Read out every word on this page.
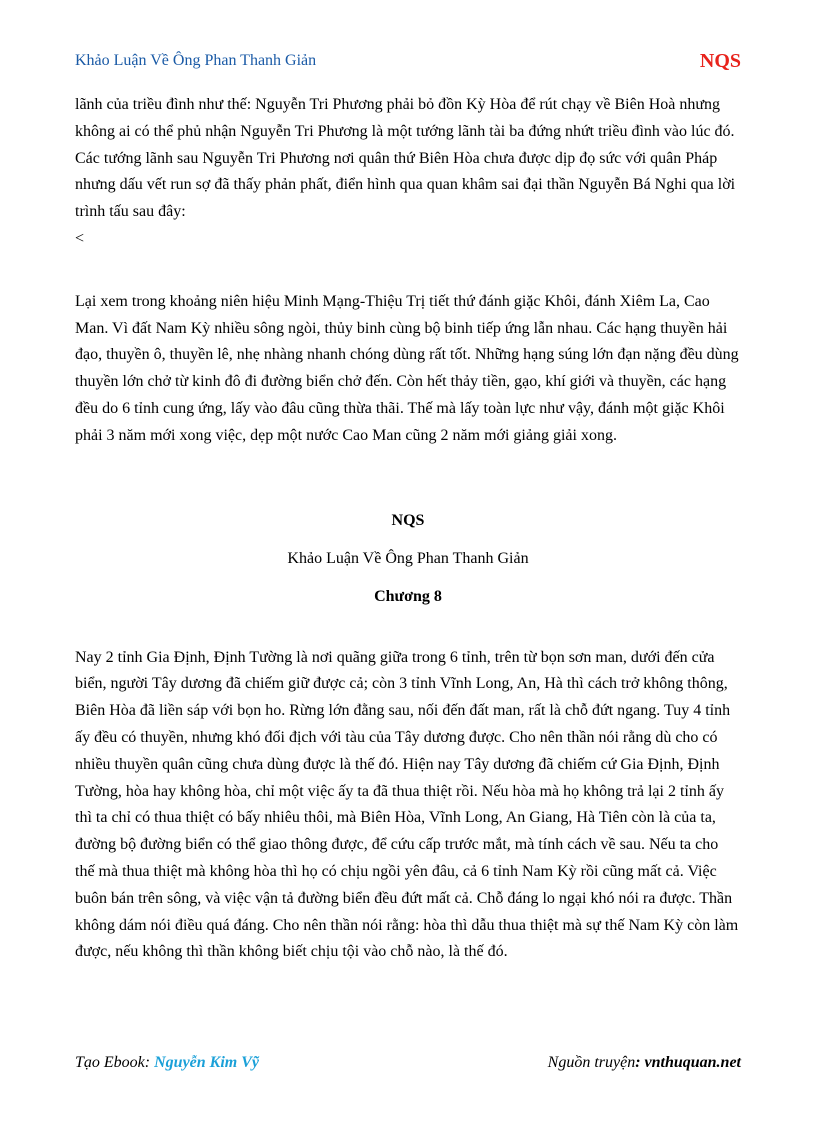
Khảo Luận Về Ông Phan Thanh Giản	NQS

lãnh của triều đình như thế: Nguyễn Tri Phương phải bỏ đồn Kỳ Hòa để rút chạy về Biên Hoà nhưng không ai có thể phủ nhận Nguyễn Tri Phương là một tướng lãnh tài ba đứng nhứt triều đình vào lúc đó. Các tướng lãnh sau Nguyễn Tri Phương nơi quân thứ Biên Hòa chưa được dịp đọ sức với quân Pháp nhưng dấu vết run sợ đã thấy phản phất, điển hình qua quan khâm sai đại thần Nguyễn Bá Nghi qua lời trình tấu sau đây:

<

Lại xem trong khoảng niên hiệu Minh Mạng-Thiệu Trị tiết thứ đánh giặc Khôi, đánh Xiêm La, Cao Man. Vì đất Nam Kỳ nhiều sông ngòi, thủy binh cùng bộ binh tiếp ứng lẫn nhau. Các hạng thuyền hải đạo, thuyền ô, thuyền lê, nhẹ nhàng nhanh chóng dùng rất tốt. Những hạng súng lớn đạn nặng đều dùng thuyền lớn chở từ kinh đô đi đường biển chở đến. Còn hết thảy tiền, gạo, khí giới và thuyền, các hạng đều do 6 tỉnh cung ứng, lấy vào đâu cũng thừa thãi. Thế mà lấy toàn lực như vậy, đánh một giặc Khôi phải 3 năm mới xong việc, dẹp một nước Cao Man cũng 2 năm mới giảng giải xong.

NQS

Khảo Luận Về Ông Phan Thanh Giản

Chương 8

Nay 2 tỉnh Gia Định, Định Tường là nơi quãng giữa trong 6 tỉnh, trên từ bọn sơn man, dưới đến cửa biển, người Tây dương đã chiếm giữ được cả; còn 3 tỉnh Vĩnh Long, An, Hà thì cách trở không thông, Biên Hòa đã liền sáp với bọn ho. Rừng lớn đằng sau, nối đến đất man, rất là chỗ đứt ngang. Tuy 4 tỉnh ấy đều có thuyền, nhưng khó đối địch với tàu của Tây dương được. Cho nên thần nói rằng dù cho có nhiều thuyền quân cũng chưa dùng được là thế đó. Hiện nay Tây dương đã chiếm cứ Gia Định, Định Tường, hòa hay không hòa, chỉ một việc ấy ta đã thua thiệt rồi. Nếu hòa mà họ không trả lại 2 tỉnh ấy thì ta chỉ có thua thiệt có bấy nhiêu thôi, mà Biên Hòa, Vĩnh Long, An Giang, Hà Tiên còn là của ta, đường bộ đường biển có thể giao thông được, để cứu cấp trước mắt, mà tính cách về sau. Nếu ta cho thế mà thua thiệt mà không hòa thì họ có chịu ngồi yên đâu, cả 6 tỉnh Nam Kỳ rồi cũng mất cả. Việc buôn bán trên sông, và việc vận tả đường biển đều đứt mất cả. Chỗ đáng lo ngại khó nói ra được. Thần không dám nói điều quá đáng. Cho nên thần nói rằng: hòa thì dẫu thua thiệt mà sự thế Nam Kỳ còn làm được, nếu không thì thần không biết chịu tội vào chỗ nào, là thế đó.

Tạo Ebook: Nguyễn Kim Vỹ	Nguồn truyện: vnthuquan.net
